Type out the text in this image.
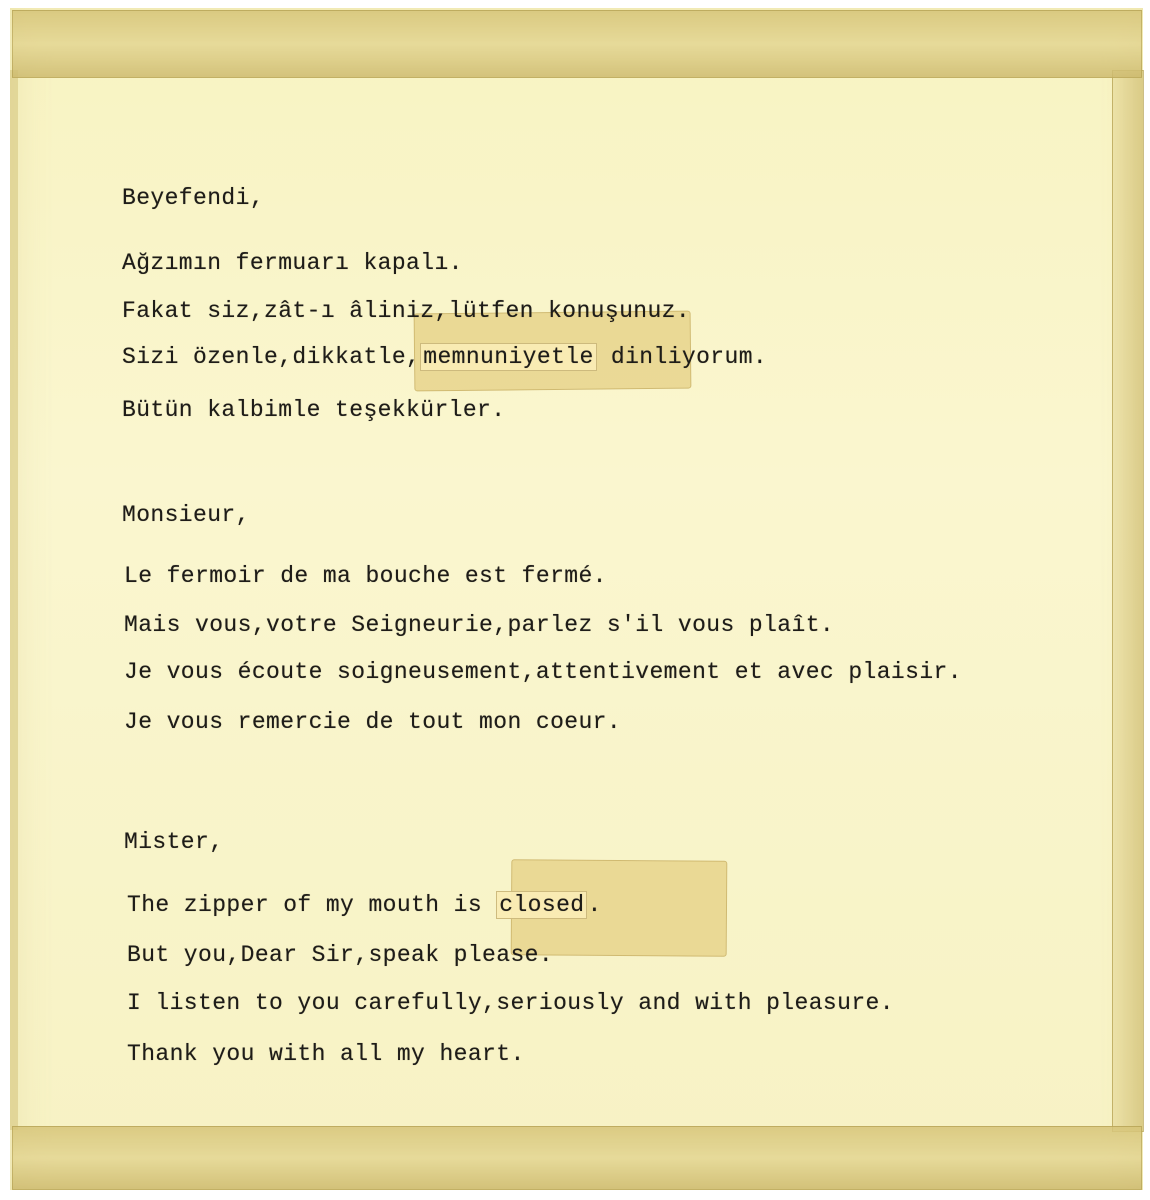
Beyefendi,
Ağzımın fermuarı kapalı.
Fakat siz,zât-ı âliniz,lütfen konuşunuz.
Sizi özenle,dikkatle, memnuniyetle dinliyorum.
Bütün kalbimle teşekkürler.
Monsieur,
Le fermoir de ma bouche est fermé.
Mais vous,votre Seigneurie,parlez s'il vous plaît.
Je vous écoute soigneusement,attentivement et avec plaisir.
Je vous remercie de tout mon coeur.
Mister,
The zipper of my mouth is closed .
But you,Dear Sir,speak please.
I listen to you carefully,seriously and with pleasure.
Thank you with all my heart.
